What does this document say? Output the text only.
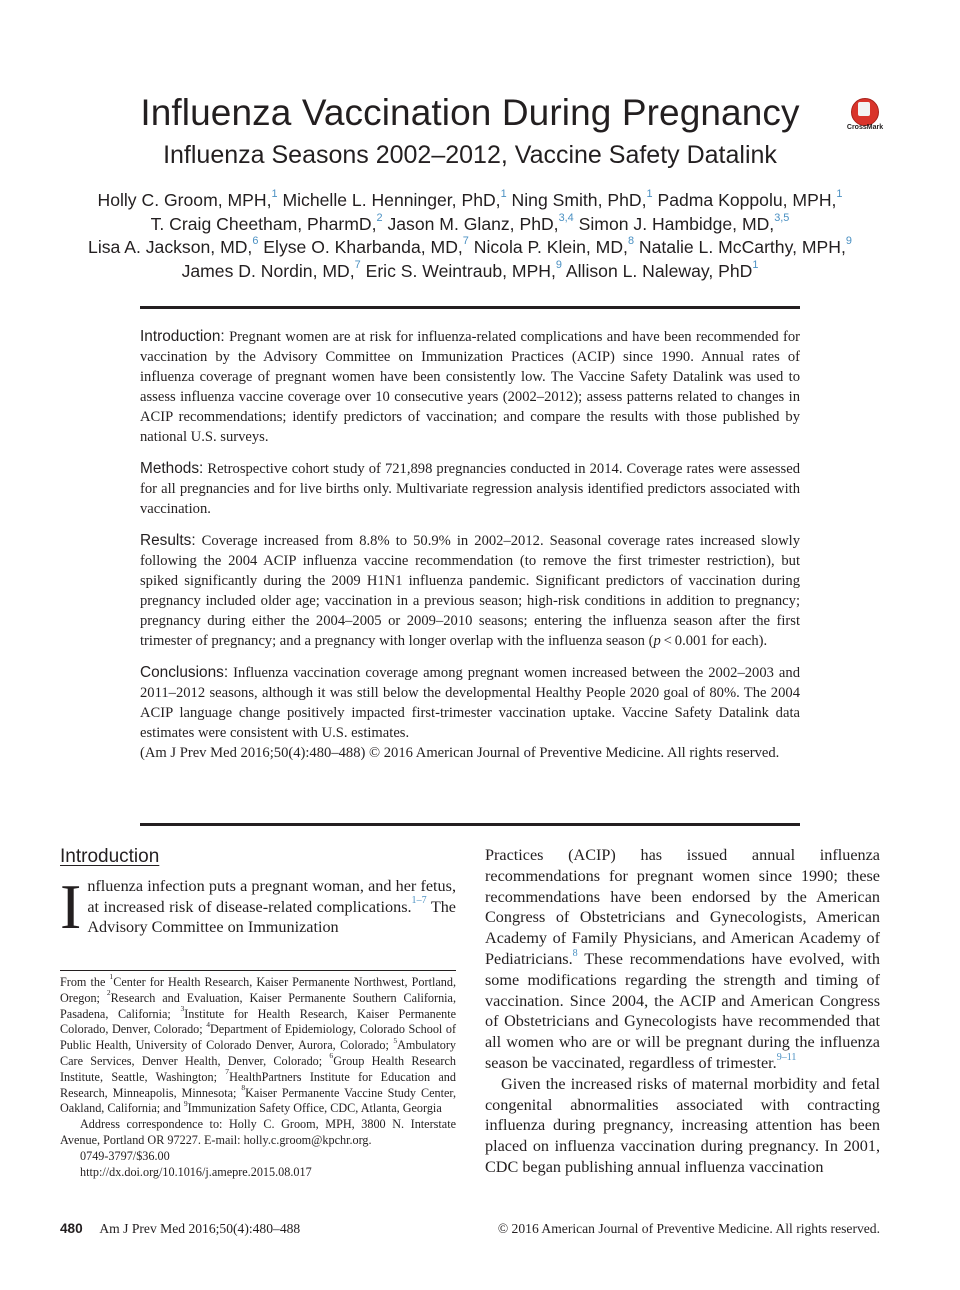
Influenza Vaccination During Pregnancy	CrossMark
Influenza Seasons 2002–2012, Vaccine Safety Datalink
Holly C. Groom, MPH,$^1$ Michelle L. Henninger, PhD,$^1$ Ning Smith, PhD,$^1$ Padma Koppolu, MPH,$^1$
T. Craig Cheetham, PharmD,$^2$ Jason M. Glanz, PhD,$^{3,4}$ Simon J. Hambidge, MD,$^{3,5}$
Lisa A. Jackson, MD,$^6$ Elyse O. Kharbanda, MD,$^7$ Nicola P. Klein, MD,$^8$ Natalie L. McCarthy, MPH,$^9$
James D. Nordin, MD,$^7$ Eric S. Weintraub, MPH,$^9$ Allison L. Naleway, PhD$^1$

Introduction: Pregnant women are at risk for influenza-related complications and have been recommended for vaccination by the Advisory Committee on Immunization Practices (ACIP) since 1990. Annual rates of influenza coverage of pregnant women have been consistently low. The Vaccine Safety Datalink was used to assess influenza vaccine coverage over 10 consecutive years (2002–2012); assess patterns related to changes in ACIP recommendations; identify predictors of vaccination; and compare the results with those published by national U.S. surveys.

Methods: Retrospective cohort study of 721,898 pregnancies conducted in 2014. Coverage rates were assessed for all pregnancies and for live births only. Multivariate regression analysis identified predictors associated with vaccination.

Results: Coverage increased from 8.8% to 50.9% in 2002–2012. Seasonal coverage rates increased slowly following the 2004 ACIP influenza vaccine recommendation (to remove the first trimester restriction), but spiked significantly during the 2009 H1N1 influenza pandemic. Significant predictors of vaccination during pregnancy included older age; vaccination in a previous season; high-risk conditions in addition to pregnancy; pregnancy during either the 2004–2005 or 2009–2010 seasons; entering the influenza season after the first trimester of pregnancy; and a pregnancy with longer overlap with the influenza season (p < 0.001 for each).

Conclusions: Influenza vaccination coverage among pregnant women increased between the 2002–2003 and 2011–2012 seasons, although it was still below the developmental Healthy People 2020 goal of 80%. The 2004 ACIP language change positively impacted first-trimester vaccination uptake. Vaccine Safety Datalink data estimates were consistent with U.S. estimates.

(Am J Prev Med 2016;50(4):480–488) © 2016 American Journal of Preventive Medicine. All rights reserved.

Introduction
I nfluenza infection puts a pregnant woman, and her fetus, at increased risk of disease-related complications.$^{1-7}$ The Advisory Committee on Immunization

From the $^1$Center for Health Research, Kaiser Permanente Northwest, Portland, Oregon; $^2$Research and Evaluation, Kaiser Permanente Southern California, Pasadena, California; $^3$Institute for Health Research, Kaiser Permanente Colorado, Denver, Colorado; $^4$Department of Epidemiology, Colorado School of Public Health, University of Colorado Denver, Aurora, Colorado; $^5$Ambulatory Care Services, Denver Health, Denver, Colorado; $^6$Group Health Research Institute, Seattle, Washington; $^7$HealthPartners Institute for Education and Research, Minneapolis, Minnesota; $^8$Kaiser Permanente Vaccine Study Center, Oakland, California; and $^9$Immunization Safety Office, CDC, Atlanta, Georgia

Address correspondence to: Holly C. Groom, MPH, 3800 N. Interstate Avenue, Portland OR 97227. E-mail: holly.c.groom@kpchr.org.

0749-3797/$36.00

http://dx.doi.org/10.1016/j.amepre.2015.08.017

Practices (ACIP) has issued annual influenza recommendations for pregnant women since 1990; these recommendations have been endorsed by the American Congress of Obstetricians and Gynecologists, American Academy of Family Physicians, and American Academy of Pediatricians.$^8$ These recommendations have evolved, with some modifications regarding the strength and timing of vaccination. Since 2004, the ACIP and American Congress of Obstetricians and Gynecologists have recommended that all women who are or will be pregnant during the influenza season be vaccinated, regardless of trimester.$^{9-11}$

Given the increased risks of maternal morbidity and fetal congenital abnormalities associated with contracting influenza during pregnancy, increasing attention has been placed on influenza vaccination during pregnancy. In 2001, CDC began publishing annual influenza vaccination

480 Am J Prev Med 2016;50(4):480–488	© 2016 American Journal of Preventive Medicine. All rights reserved.
